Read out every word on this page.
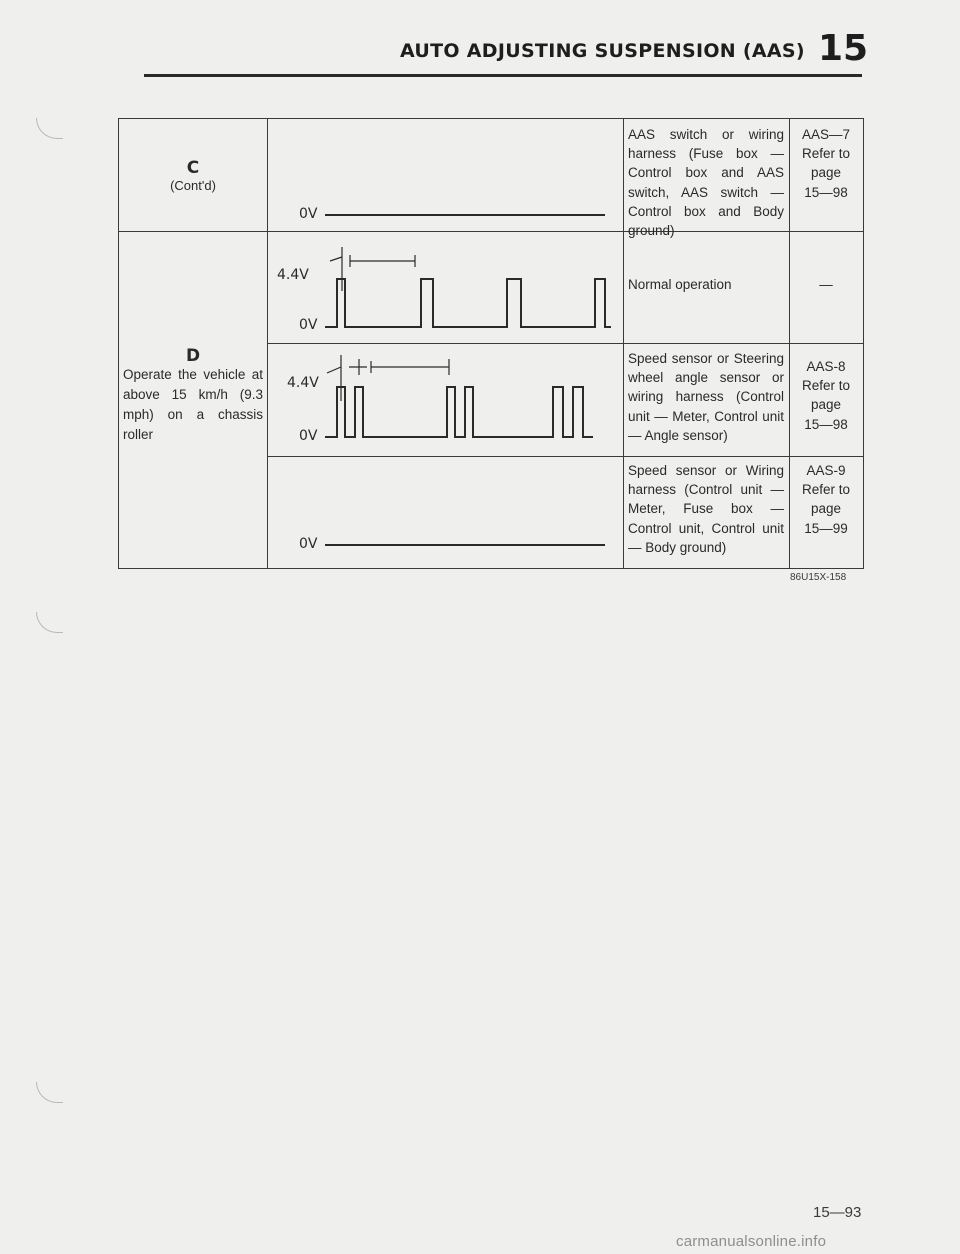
AUTO ADJUSTING SUSPENSION (AAS) 15
C
(Cont'd)
0V
AAS switch or wiring harness (Fuse box — Control box and AAS switch, AAS switch — Control box and Body ground)
AAS—7
Refer to
page
15—98
D
Operate the vehicle at above 15 km/h (9.3 mph) on a chassis roller
4.4V
0V
Normal operation	—
4.4V
0V
Speed sensor or Steering wheel angle sensor or wiring harness (Control unit — Meter, Control unit — Angle sensor)
AAS-8
Refer to
page
15—98
0V
Speed sensor or Wiring harness (Control unit — Meter, Fuse box — Control unit, Control unit — Body ground)
AAS-9
Refer to
page
15—99
86U15X-158
15—93
carmanualsonline.info
